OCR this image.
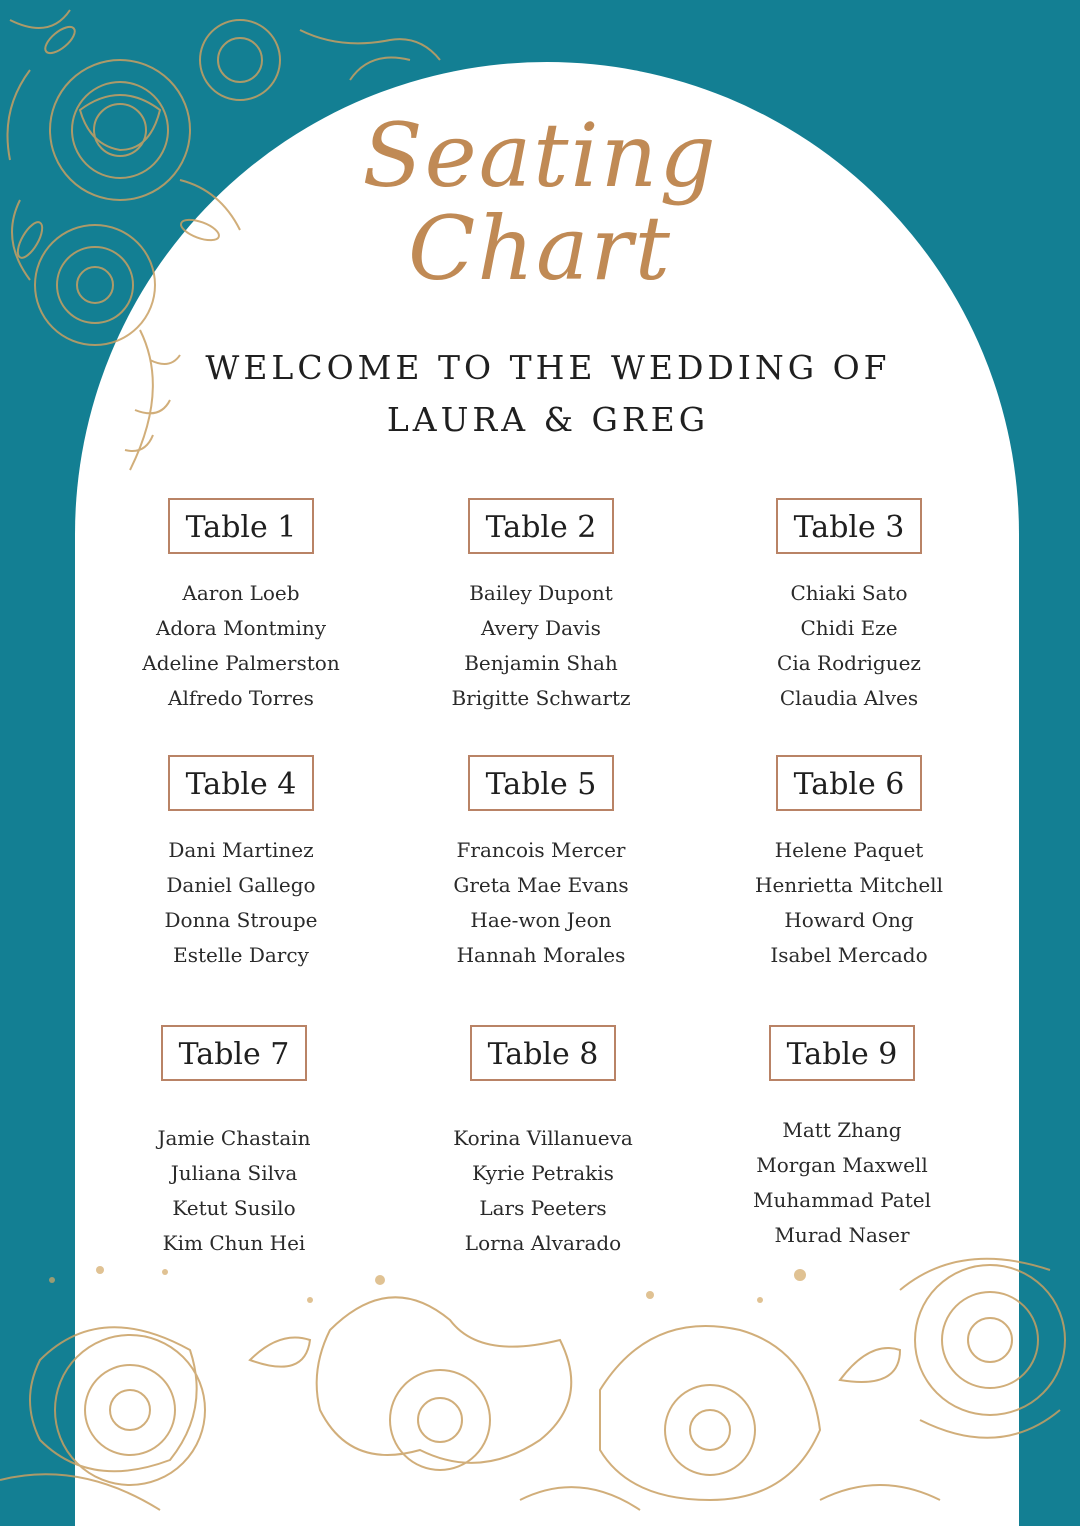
Seating
Chart
WELCOME TO THE WEDDING OF
LAURA & GREG
Table 1
Aaron Loeb
Adora Montminy
Adeline Palmerston
Alfredo Torres
Table 2
Bailey Dupont
Avery Davis
Benjamin Shah
Brigitte Schwartz
Table 3
Chiaki Sato
Chidi Eze
Cia Rodriguez
Claudia Alves
Table 4
Dani Martinez
Daniel Gallego
Donna Stroupe
Estelle Darcy
Table 5
Francois Mercer
Greta Mae Evans
Hae-won Jeon
Hannah Morales
Table 6
Helene Paquet
Henrietta Mitchell
Howard Ong
Isabel Mercado
Table 7
Jamie Chastain
Juliana Silva
Ketut Susilo
Kim Chun Hei
Table 8
Korina Villanueva
Kyrie Petrakis
Lars Peeters
Lorna Alvarado
Table 9
Matt Zhang
Morgan Maxwell
Muhammad Patel
Murad Naser
